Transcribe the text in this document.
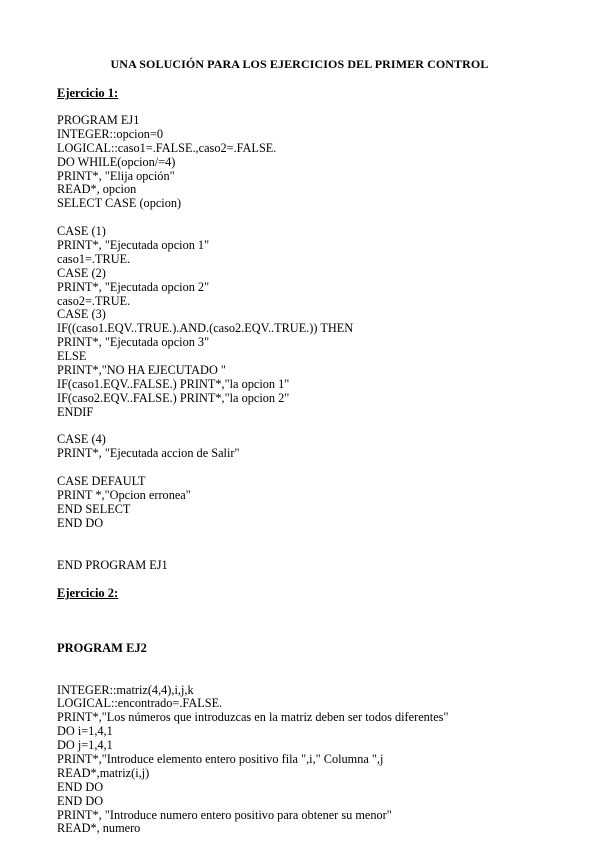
UNA SOLUCIÓN PARA LOS EJERCICIOS DEL PRIMER CONTROL
Ejercicio 1:
PROGRAM EJ1
INTEGER::opcion=0
LOGICAL::caso1=.FALSE.,caso2=.FALSE.
DO WHILE(opcion/=4)
PRINT*, "Elija opción"
READ*, opcion
SELECT CASE (opcion)

CASE (1)
PRINT*, "Ejecutada opcion 1"
caso1=.TRUE.
CASE (2)
PRINT*, "Ejecutada opcion 2"
caso2=.TRUE.
CASE (3)
IF((caso1.EQV..TRUE.).AND.(caso2.EQV..TRUE.)) THEN
PRINT*, "Ejecutada opcion 3"
ELSE
PRINT*,"NO HA EJECUTADO "
IF(caso1.EQV..FALSE.) PRINT*,"la opcion 1"
IF(caso2.EQV..FALSE.) PRINT*,"la opcion 2"
ENDIF

CASE (4)
PRINT*, "Ejecutada accion de Salir"

CASE DEFAULT
PRINT *,"Opcion erronea"
END SELECT
END DO

END PROGRAM EJ1
Ejercicio 2:

PROGRAM EJ2

INTEGER::matriz(4,4),i,j,k
LOGICAL::encontrado=.FALSE.
PRINT*,"Los números que introduzcas en la matriz deben ser todos diferentes"
DO i=1,4,1
DO j=1,4,1
PRINT*,"Introduce elemento entero positivo fila ",i," Columna ",j
READ*,matriz(i,j)
END DO
END DO
PRINT*, "Introduce numero entero positivo para obtener su menor"
READ*, numero
